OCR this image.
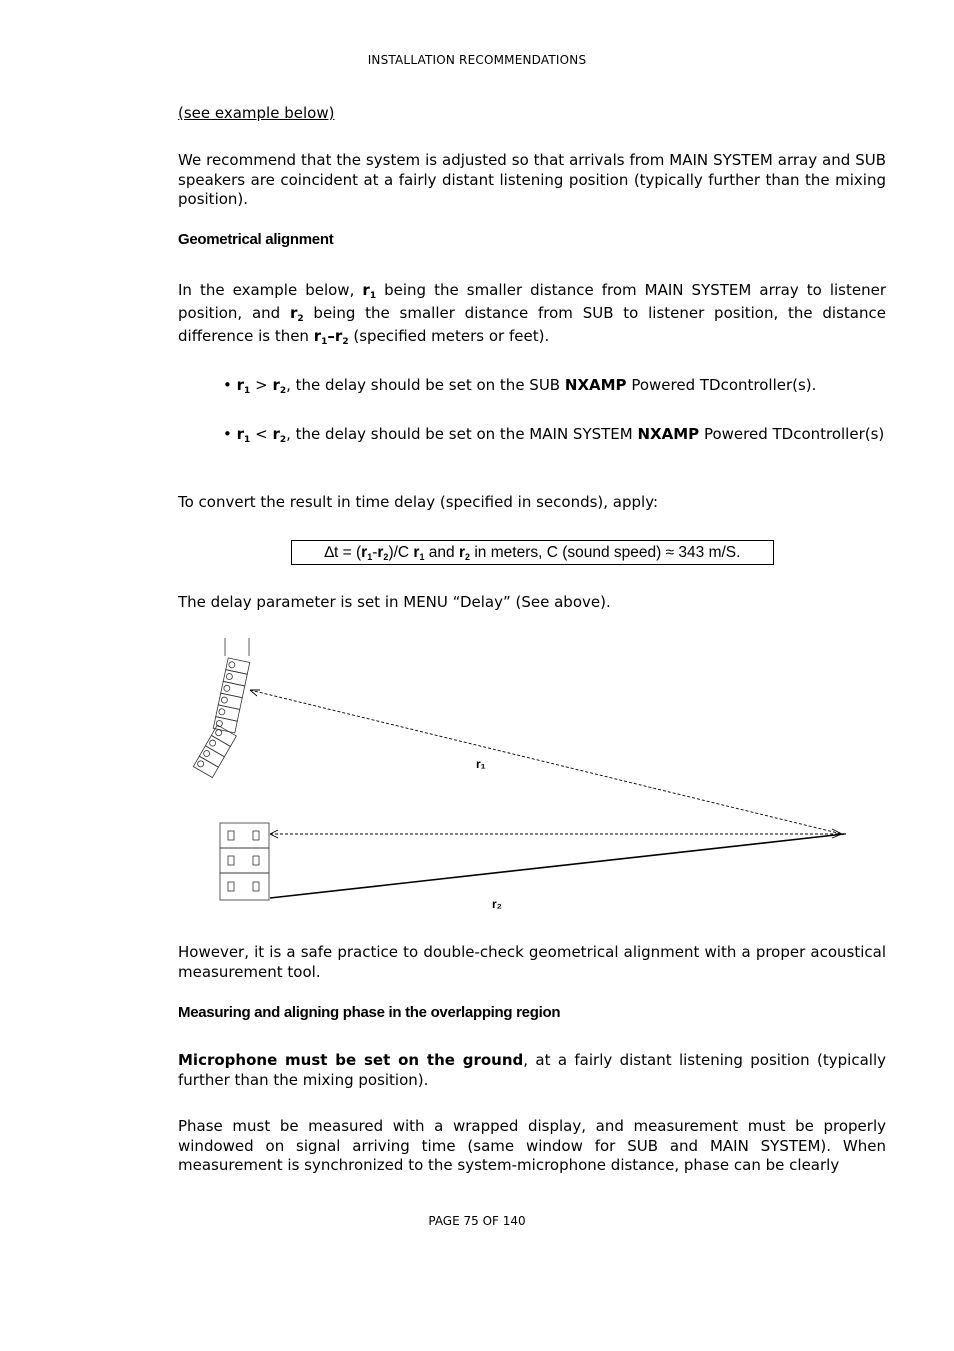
INSTALLATION RECOMMENDATIONS
(see example below)
We recommend that the system is adjusted so that arrivals from MAIN SYSTEM array and SUB speakers are coincident at a fairly distant listening position (typically further than the mixing position).
Geometrical alignment
In the example below, $r_1$ being the smaller distance from MAIN SYSTEM array to listener position, and $r_2$ being the smaller distance from SUB to listener position, the distance difference is then $r_1-r_2$ (specified meters or feet).
• $r_1 > r_2$, the delay should be set on the SUB NXAMP Powered TDcontroller(s).
• $r_1 < r_2$, the delay should be set on the MAIN SYSTEM NXAMP Powered TDcontroller(s)
To convert the result in time delay (specified in seconds), apply:
$\Delta t = (r_1-r_2)/C$ $r_1$ and $r_2$ in meters, C (sound speed) ≈ 343 m/S.
The delay parameter is set in MENU “Delay” (See above).
r₁
r₂
However, it is a safe practice to double-check geometrical alignment with a proper acoustical measurement tool.
Measuring and aligning phase in the overlapping region
Microphone must be set on the ground, at a fairly distant listening position (typically further than the mixing position).
Phase must be measured with a wrapped display, and measurement must be properly windowed on signal arriving time (same window for SUB and MAIN SYSTEM). When measurement is synchronized to the system-microphone distance, phase can be clearly
PAGE 75 OF 140
